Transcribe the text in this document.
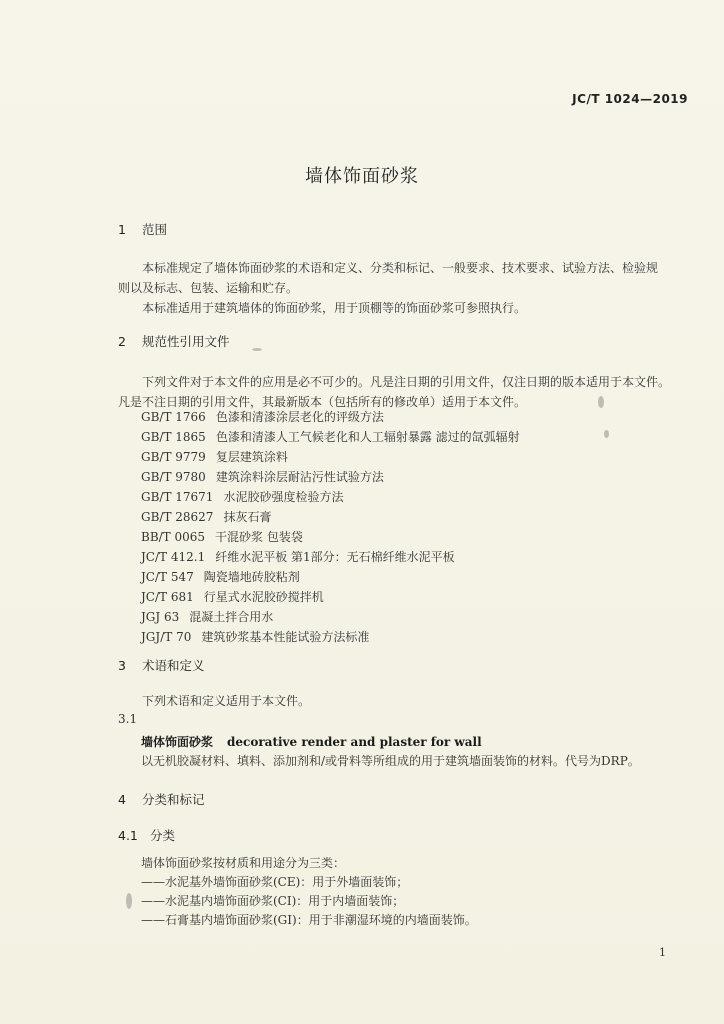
JC/T 1024—2019
墙体饰面砂浆
1 范围
本标准规定了墙体饰面砂浆的术语和定义、分类和标记、一般要求、技术要求、试验方法、检验规
则以及标志、包装、运输和贮存。
本标准适用于建筑墙体的饰面砂浆，用于顶棚等的饰面砂浆可参照执行。
2 规范性引用文件
下列文件对于本文件的应用是必不可少的。凡是注日期的引用文件，仅注日期的版本适用于本文件。
凡是不注日期的引用文件，其最新版本（包括所有的修改单）适用于本文件。
GB/T 1766 色漆和清漆涂层老化的评级方法
GB/T 1865 色漆和清漆人工气候老化和人工辐射暴露 滤过的氙弧辐射
GB/T 9779 复层建筑涂料
GB/T 9780 建筑涂料涂层耐沾污性试验方法
GB/T 17671 水泥胶砂强度检验方法
GB/T 28627 抹灰石膏
BB/T 0065 干混砂浆 包装袋
JC/T 412.1 纤维水泥平板 第1部分：无石棉纤维水泥平板
JC/T 547 陶瓷墙地砖胶粘剂
JC/T 681 行星式水泥胶砂搅拌机
JGJ 63 混凝土拌合用水
JGJ/T 70 建筑砂浆基本性能试验方法标准
3 术语和定义
下列术语和定义适用于本文件。
3.1
墙体饰面砂浆 decorative render and plaster for wall
以无机胶凝材料、填料、添加剂和/或骨料等所组成的用于建筑墙面装饰的材料。代号为DRP。
4 分类和标记
4.1 分类
墙体饰面砂浆按材质和用途分为三类：
——水泥基外墙饰面砂浆(CE)：用于外墙面装饰；
——水泥基内墙饰面砂浆(CI)：用于内墙面装饰；
——石膏基内墙饰面砂浆(GI)：用于非潮湿环境的内墙面装饰。
1
